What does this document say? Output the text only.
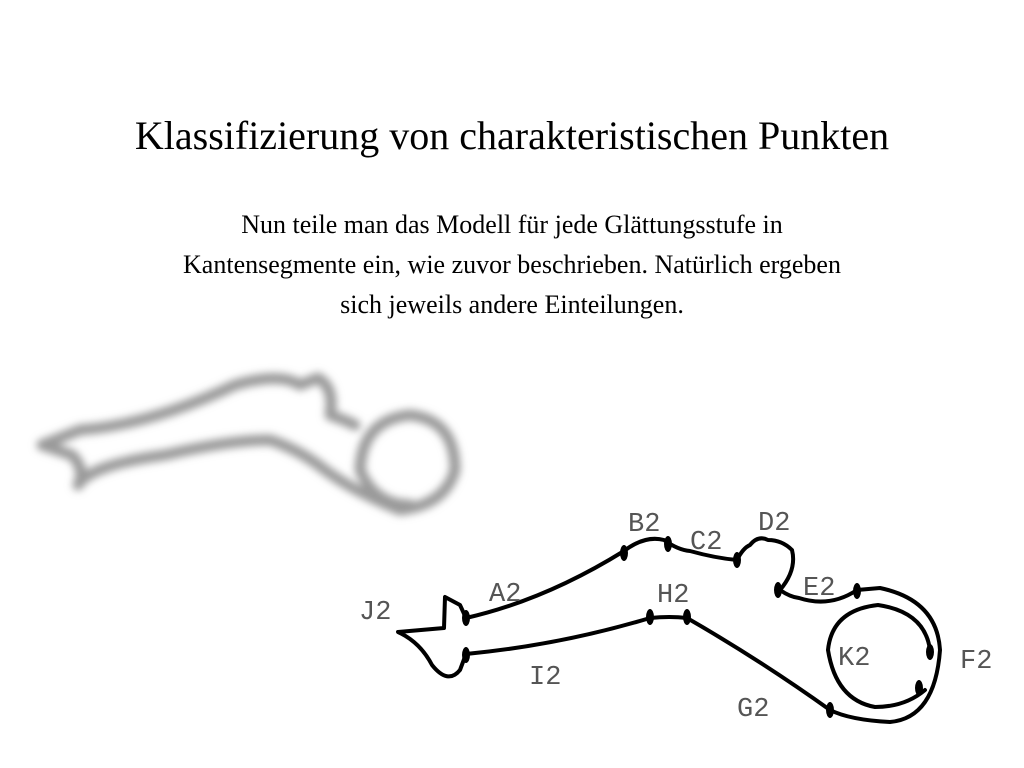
Klassifizierung von charakteristischen Punkten
Nun teile man das Modell für jede Glättungsstufe in
Kantensegmente ein, wie zuvor beschrieben. Natürlich ergeben
sich jeweils andere Einteilungen.
A2
B2
C2
D2
E2
F2
G2
H2
I2
J2
K2
